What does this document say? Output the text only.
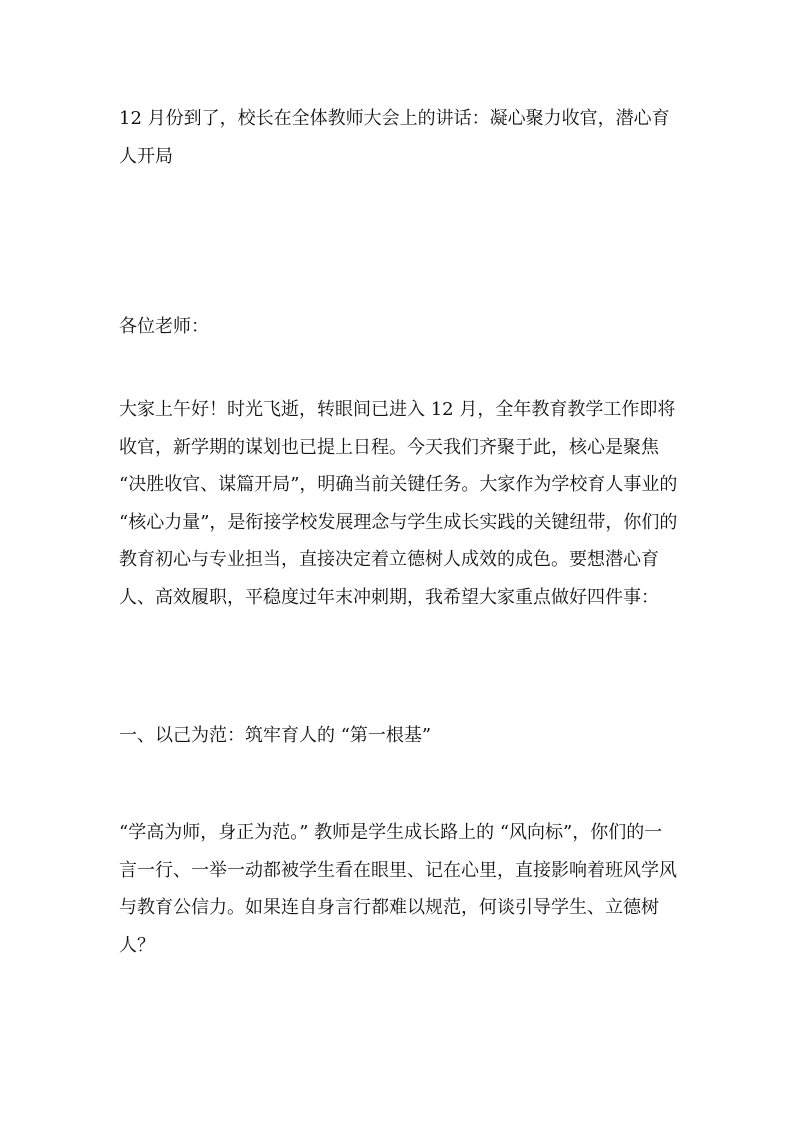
12 月份到了，校长在全体教师大会上的讲话：凝心聚力收官，潜心育人开局

各位老师：

大家上午好！时光飞逝，转眼间已进入 12 月，全年教育教学工作即将收官，新学期的谋划也已提上日程。今天我们齐聚于此，核心是聚焦 “决胜收官、谋篇开局”，明确当前关键任务。大家作为学校育人事业的 “核心力量”，是衔接学校发展理念与学生成长实践的关键纽带，你们的教育初心与专业担当，直接决定着立德树人成效的成色。要想潜心育人、高效履职，平稳度过年末冲刺期，我希望大家重点做好四件事：

一、以己为范：筑牢育人的 “第一根基”

“学高为师，身正为范。” 教师是学生成长路上的 “风向标”，你们的一言一行、一举一动都被学生看在眼里、记在心里，直接影响着班风学风与教育公信力。如果连自身言行都难以规范，何谈引导学生、立德树人？
